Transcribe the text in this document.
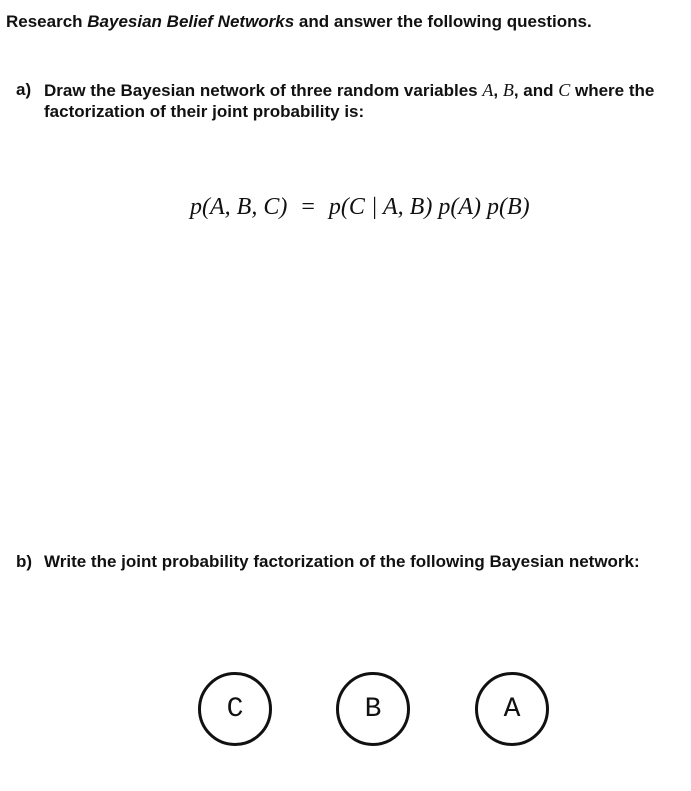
Research Bayesian Belief Networks and answer the following questions.
a) Draw the Bayesian network of three random variables A, B, and C where the
factorization of their joint probability is:

p(A, B, C) = p(C | A, B) p(A) p(B)

b) Write the joint probability factorization of the following Bayesian network:
C	B	A
